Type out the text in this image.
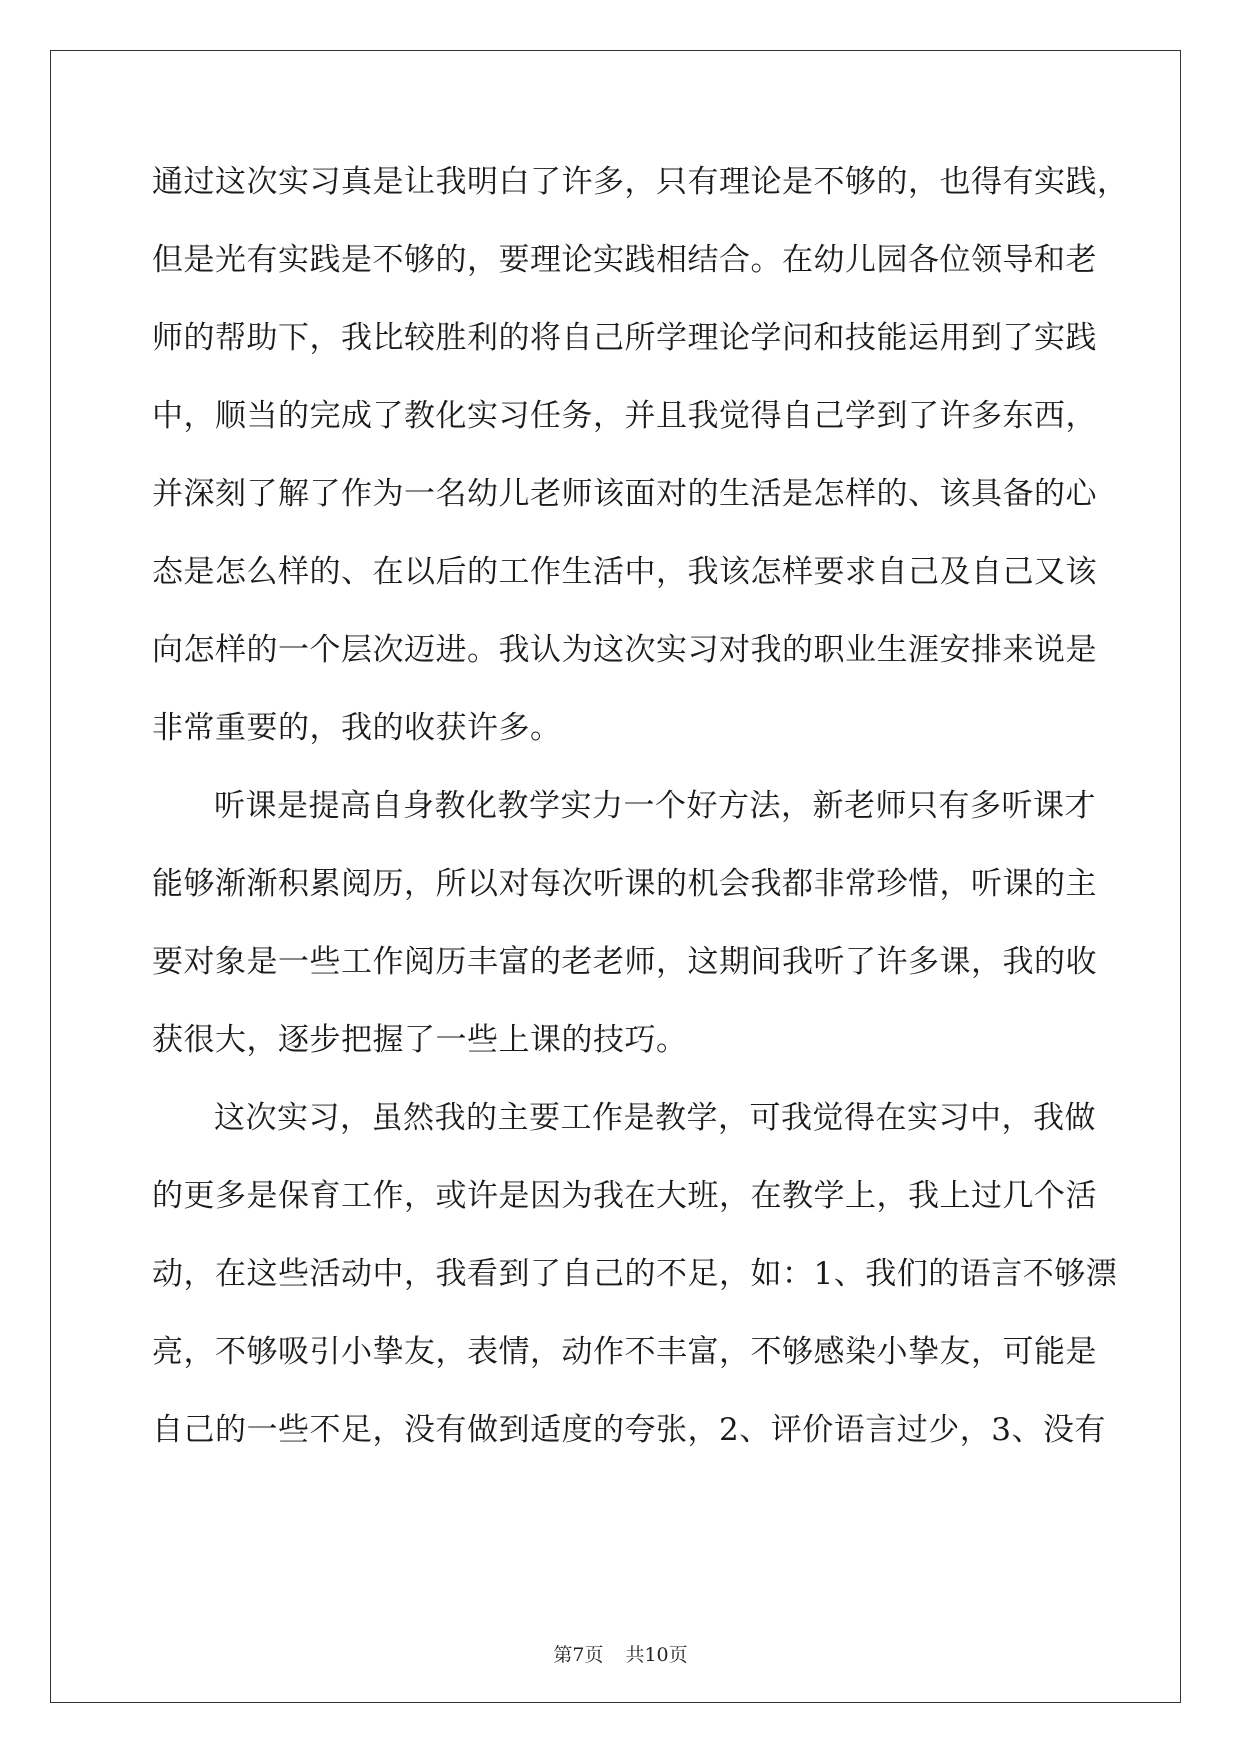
通过这次实习真是让我明白了许多，只有理论是不够的，也得有实践，
但是光有实践是不够的，要理论实践相结合。在幼儿园各位领导和老
师的帮助下，我比较胜利的将自己所学理论学问和技能运用到了实践
中，顺当的完成了教化实习任务，并且我觉得自己学到了许多东西，
并深刻了解了作为一名幼儿老师该面对的生活是怎样的、该具备的心
态是怎么样的、在以后的工作生活中，我该怎样要求自己及自己又该
向怎样的一个层次迈进。我认为这次实习对我的职业生涯安排来说是
非常重要的，我的收获许多。
听课是提高自身教化教学实力一个好方法，新老师只有多听课才
能够渐渐积累阅历，所以对每次听课的机会我都非常珍惜，听课的主
要对象是一些工作阅历丰富的老老师，这期间我听了许多课，我的收
获很大，逐步把握了一些上课的技巧。
这次实习，虽然我的主要工作是教学，可我觉得在实习中，我做
的更多是保育工作，或许是因为我在大班，在教学上，我上过几个活
动，在这些活动中，我看到了自己的不足，如：1、我们的语言不够漂
亮，不够吸引小挚友，表情，动作不丰富，不够感染小挚友，可能是
自己的一些不足，没有做到适度的夸张，2、评价语言过少，3、没有
第7页 共10页
